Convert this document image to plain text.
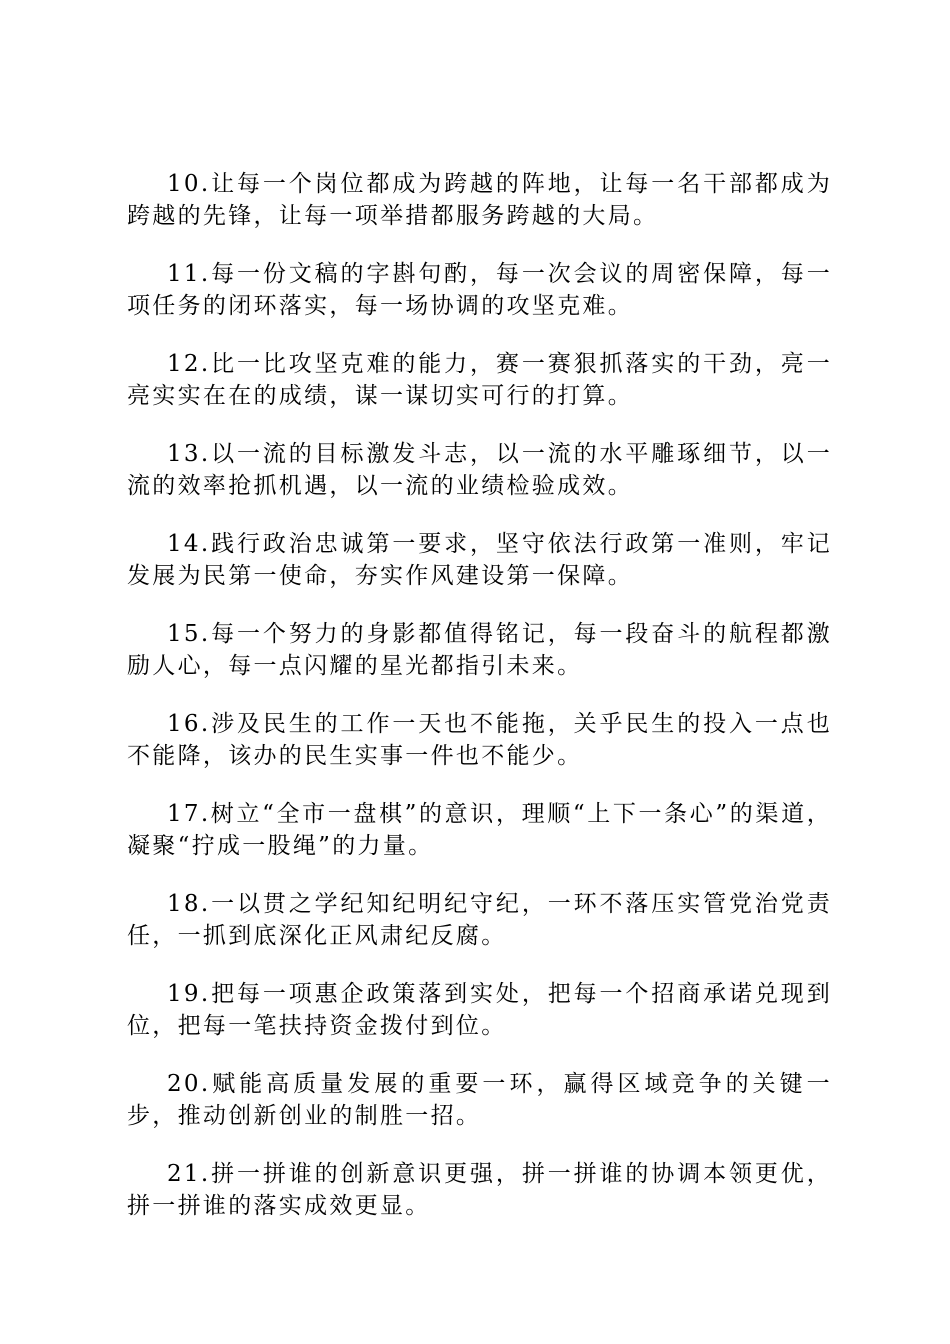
10.让每一个岗位都成为跨越的阵地，让每一名干部都成为跨越的先锋，让每一项举措都服务跨越的大局。

11.每一份文稿的字斟句酌，每一次会议的周密保障，每一项任务的闭环落实，每一场协调的攻坚克难。

12.比一比攻坚克难的能力，赛一赛狠抓落实的干劲，亮一亮实实在在的成绩，谋一谋切实可行的打算。

13.以一流的目标激发斗志，以一流的水平雕琢细节，以一流的效率抢抓机遇，以一流的业绩检验成效。

14.践行政治忠诚第一要求，坚守依法行政第一准则，牢记发展为民第一使命，夯实作风建设第一保障。

15.每一个努力的身影都值得铭记，每一段奋斗的航程都激励人心，每一点闪耀的星光都指引未来。

16.涉及民生的工作一天也不能拖，关乎民生的投入一点也不能降，该办的民生实事一件也不能少。

17.树立“全市一盘棋”的意识，理顺“上下一条心”的渠道，凝聚“拧成一股绳”的力量。

18.一以贯之学纪知纪明纪守纪，一环不落压实管党治党责任，一抓到底深化正风肃纪反腐。

19.把每一项惠企政策落到实处，把每一个招商承诺兑现到位，把每一笔扶持资金拨付到位。

20.赋能高质量发展的重要一环，赢得区域竞争的关键一步，推动创新创业的制胜一招。

21.拼一拼谁的创新意识更强，拼一拼谁的协调本领更优，拼一拼谁的落实成效更显。
